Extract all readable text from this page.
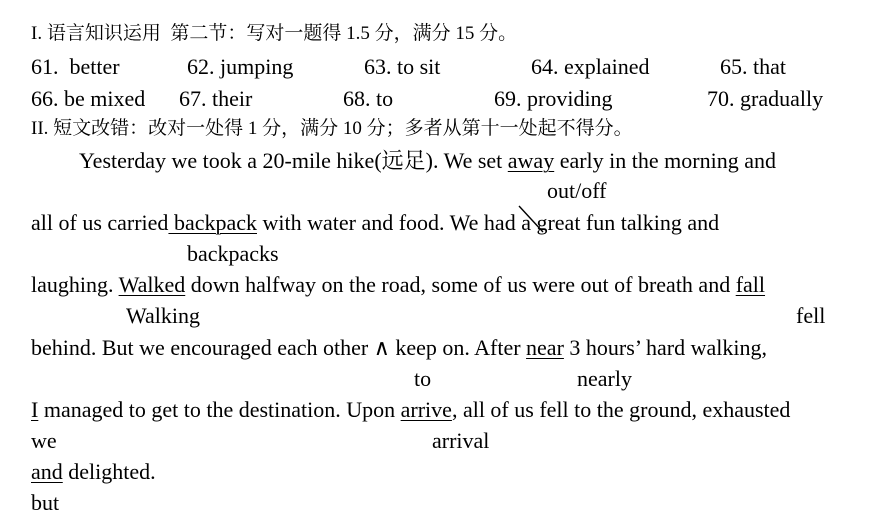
I. 语言知识运用  第二节：写对一题得 1.5 分，满分 15 分。
61.  better	62. jumping	63. to sit	64. explained	65. that
66. be mixed 67. their	68. to	69. providing	70. gradually
II. 短文改错：改对一处得 1 分，满分 10 分；多者从第十一处起不得分。
Yesterday we took a 20-mile hike(远足). We set away early in the morning and
out/off
all of us carried backpack with water and food. We had a
great fun talking and
backpacks
laughing. Walked down halfway on the road, some of us were out of breath and fall
Walking	fell
behind. But we encouraged each other ∧ keep on. After near 3 hours’ hard walking,
to	nearly
I managed to get to the destination. Upon arrive, all of us fell to the ground, exhausted
we	arrival
and delighted.
but
